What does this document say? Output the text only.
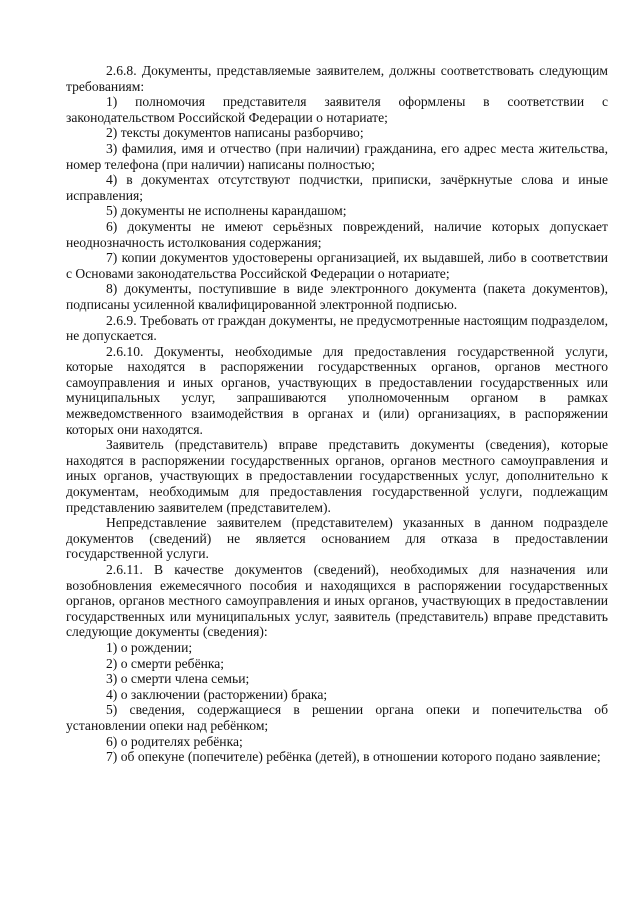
2.6.8. Документы, представляемые заявителем, должны соответствовать следующим требованиям:

1) полномочия представителя заявителя оформлены в соответствии с законодательством Российской Федерации о нотариате;

2) тексты документов написаны разборчиво;

3) фамилия, имя и отчество (при наличии) гражданина, его адрес места жительства, номер телефона (при наличии) написаны полностью;

4) в документах отсутствуют подчистки, приписки, зачёркнутые слова и иные исправления;

5) документы не исполнены карандашом;

6) документы не имеют серьёзных повреждений, наличие которых допускает неоднозначность истолкования содержания;

7) копии документов удостоверены организацией, их выдавшей, либо в соответствии с Основами законодательства Российской Федерации о нотариате;

8) документы, поступившие в виде электронного документа (пакета документов), подписаны усиленной квалифицированной электронной подписью.

2.6.9. Требовать от граждан документы, не предусмотренные настоящим подразделом, не допускается.

2.6.10. Документы, необходимые для предоставления государственной услуги, которые находятся в распоряжении государственных органов, органов местного самоуправления и иных органов, участвующих в предоставлении государственных или муниципальных услуг, запрашиваются уполномоченным органом в рамках межведомственного взаимодействия в органах и (или) организациях, в распоряжении которых они находятся.

Заявитель (представитель) вправе представить документы (сведения), которые находятся в распоряжении государственных органов, органов местного самоуправления и иных органов, участвующих в предоставлении государственных услуг, дополнительно к документам, необходимым для предоставления государственной услуги, подлежащим представлению заявителем (представителем).

Непредставление заявителем (представителем) указанных в данном подразделе документов (сведений) не является основанием для отказа в предоставлении государственной услуги.

2.6.11. В качестве документов (сведений), необходимых для назначения или возобновления ежемесячного пособия и находящихся в распоряжении государственных органов, органов местного самоуправления и иных органов, участвующих в предоставлении государственных или муниципальных услуг, заявитель (представитель) вправе представить следующие документы (сведения):

1) о рождении;

2) о смерти ребёнка;

3) о смерти члена семьи;

4) о заключении (расторжении) брака;

5) сведения, содержащиеся в решении органа опеки и попечительства об установлении опеки над ребёнком;

6) о родителях ребёнка;

7) об опекуне (попечителе) ребёнка (детей), в отношении которого подано заявление;
